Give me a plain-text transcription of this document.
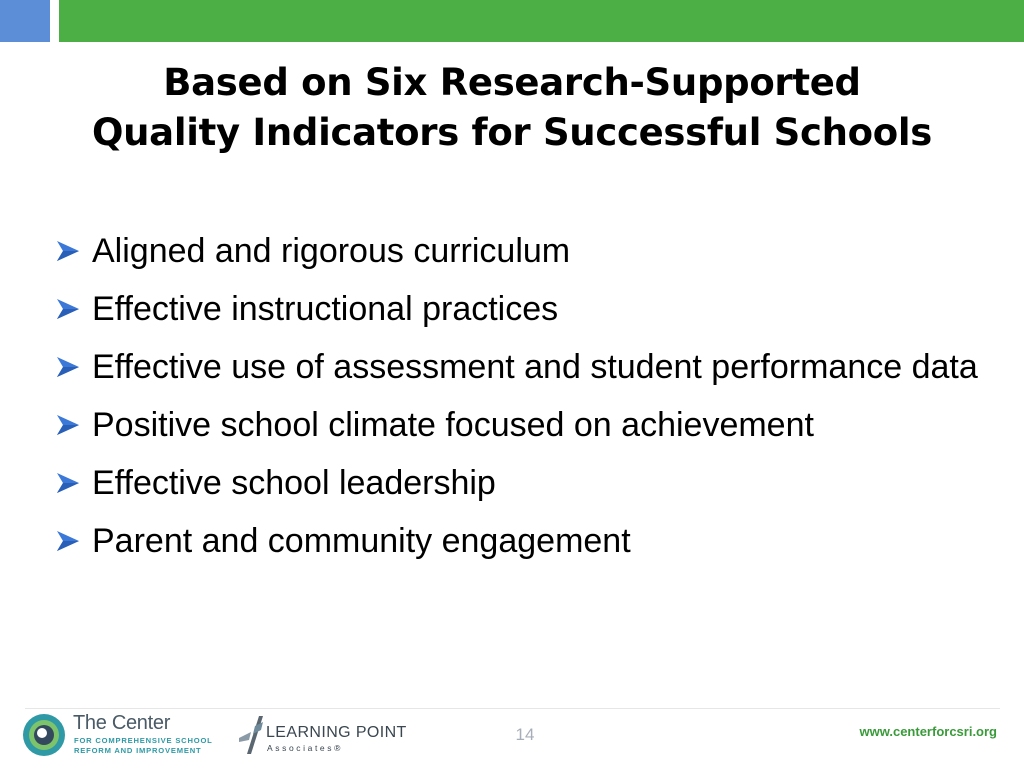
Based on Six Research-Supported
Quality Indicators for Successful Schools
Aligned and rigorous curriculum
Effective instructional practices
Effective use of assessment and student performance data
Positive school climate focused on achievement
Effective school leadership
Parent and community engagement
The Center
FOR COMPREHENSIVE SCHOOL
REFORM AND IMPROVEMENT
LEARNING POINT
Associates®
14	www.centerforcsri.org
